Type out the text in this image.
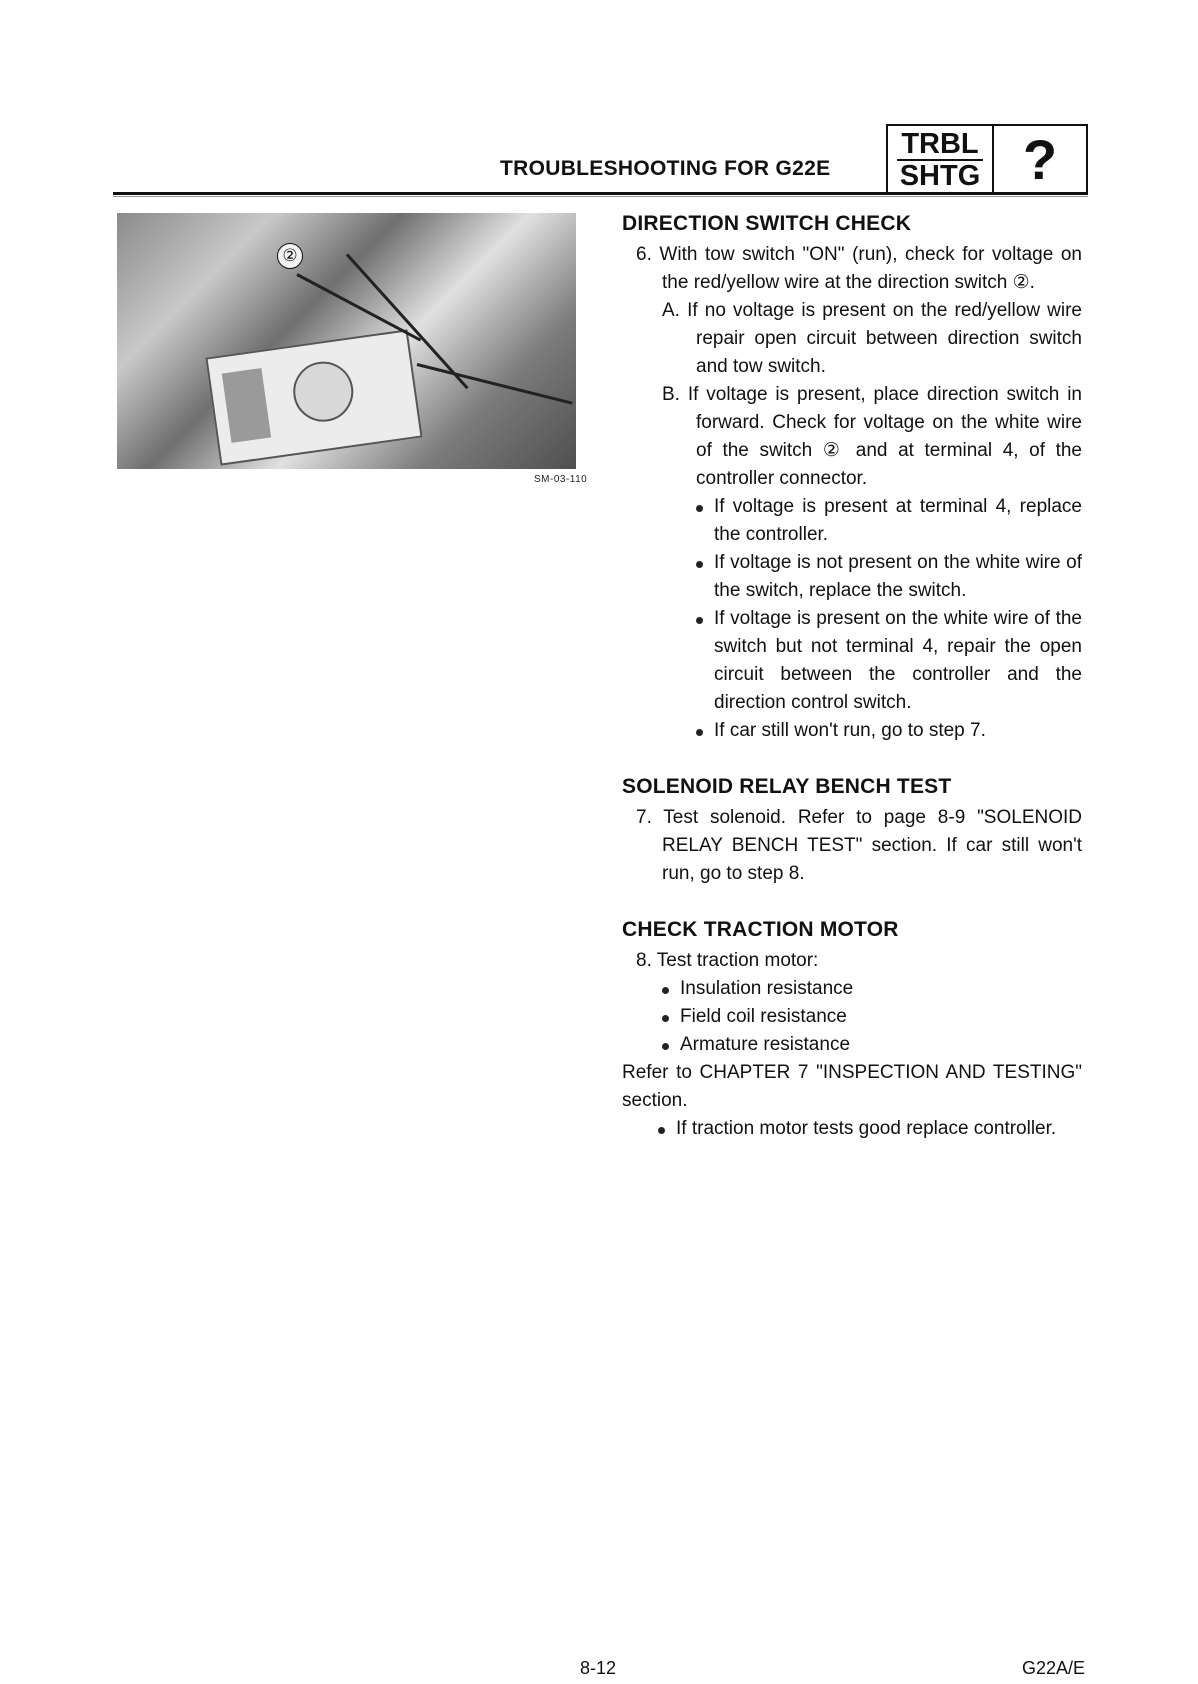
TROUBLESHOOTING FOR G22E
TRBL
SHTG ?
②
SM-03-110
DIRECTION SWITCH CHECK

6. With tow switch "ON" (run), check for voltage on the red/yellow wire at the direction switch ②.

A. If no voltage is present on the red/yellow wire repair open circuit between direction switch and tow switch.

B. If voltage is present, place direction switch in forward. Check for voltage on the white wire of the switch ② and at terminal 4, of the controller connector.

If voltage is present at terminal 4, replace the controller.
If voltage is not present on the white wire of the switch, replace the switch.
If voltage is present on the white wire of the switch but not terminal 4, repair the open circuit between the controller and the direction control switch.
If car still won't run, go to step 7.
SOLENOID RELAY BENCH TEST

7. Test solenoid. Refer to page 8-9 "SOLENOID RELAY BENCH TEST" section. If car still won't run, go to step 8.

CHECK TRACTION MOTOR

8. Test traction motor:

Insulation resistance
Field coil resistance
Armature resistance

Refer to CHAPTER 7 "INSPECTION AND TESTING" section.

If traction motor tests good replace controller.
8-12	G22A/E
